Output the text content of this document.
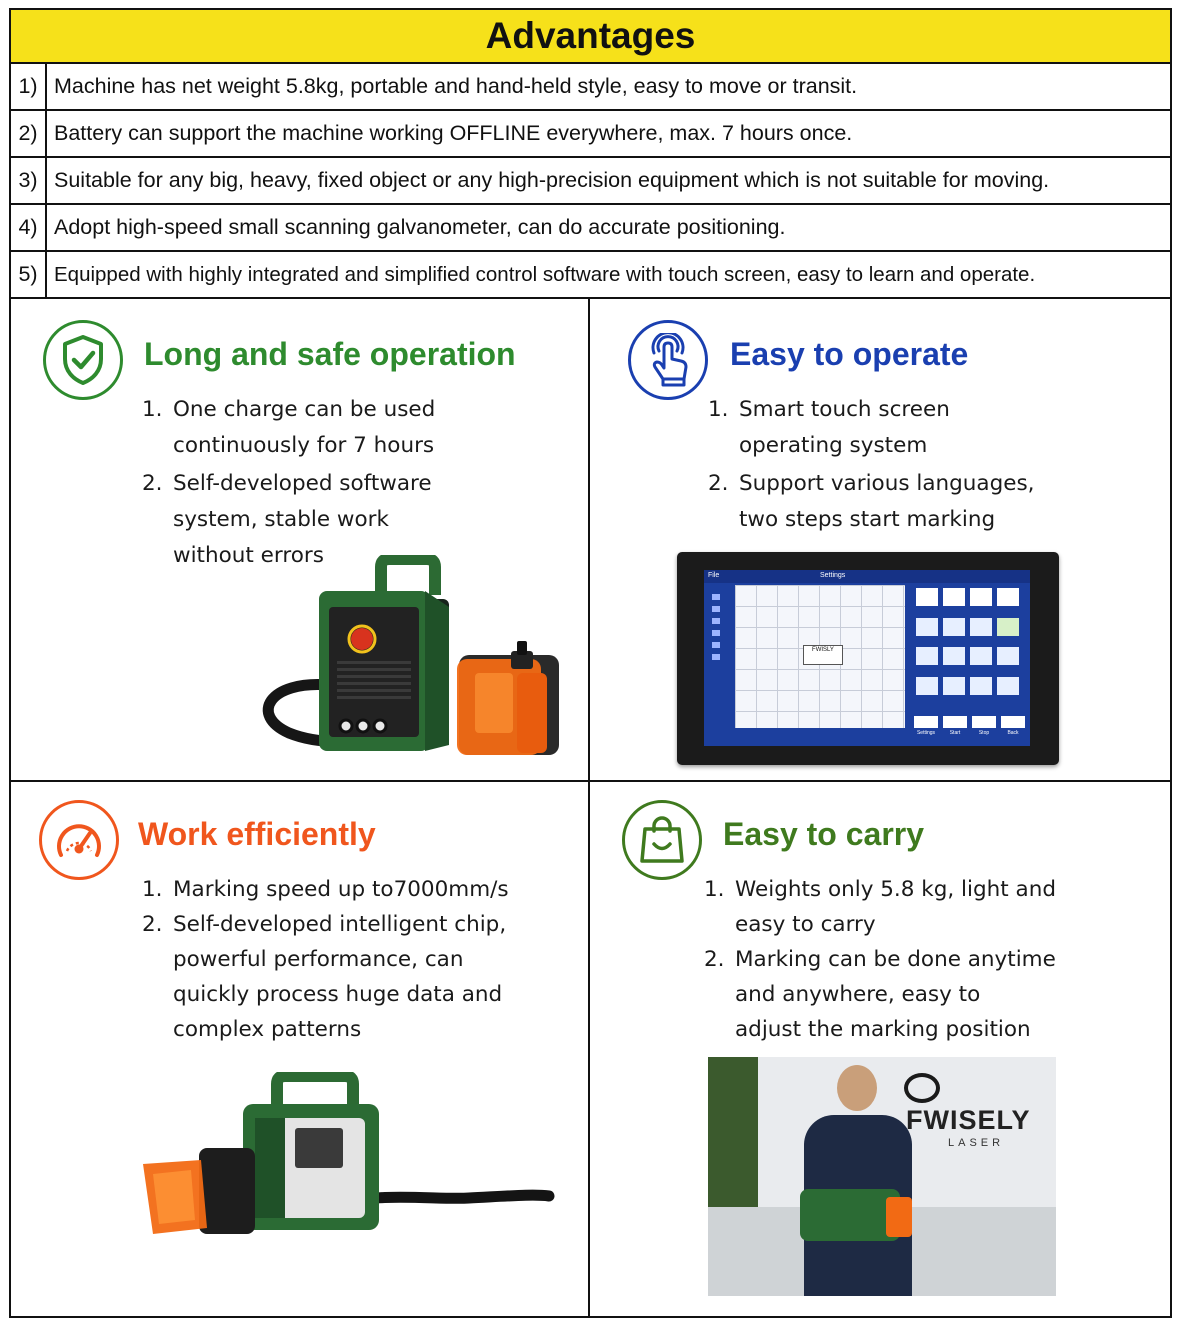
Advantages
1) Machine has net weight 5.8kg, portable and hand-held style, easy to move or transit.
2) Battery can support the machine working OFFLINE everywhere, max. 7 hours once.
3) Suitable for any big, heavy, fixed object or any high-precision equipment which is not suitable for moving.
4) Adopt high-speed small scanning galvanometer, can do accurate positioning.
5) Equipped with highly integrated and simplified control software with touch screen, easy to learn and operate.
Long and safe operation
1. One charge can be used
continuously for 7 hours
2. Self-developed software
system, stable work
without errors
Easy to operate
1. Smart touch screen
operating system
2. Support various languages,
two steps start marking
File	Settings
FWISLY
Settings	Start	Stop	Back
Work efficiently
1. Marking speed up to7000mm/s
2. Self-developed intelligent chip,
powerful performance, can
quickly process huge data and
complex patterns
Easy to carry
1. Weights only 5.8 kg, light and
easy to carry
2. Marking can be done anytime
and anywhere, easy to
adjust the marking position
FWISELY
LASER
